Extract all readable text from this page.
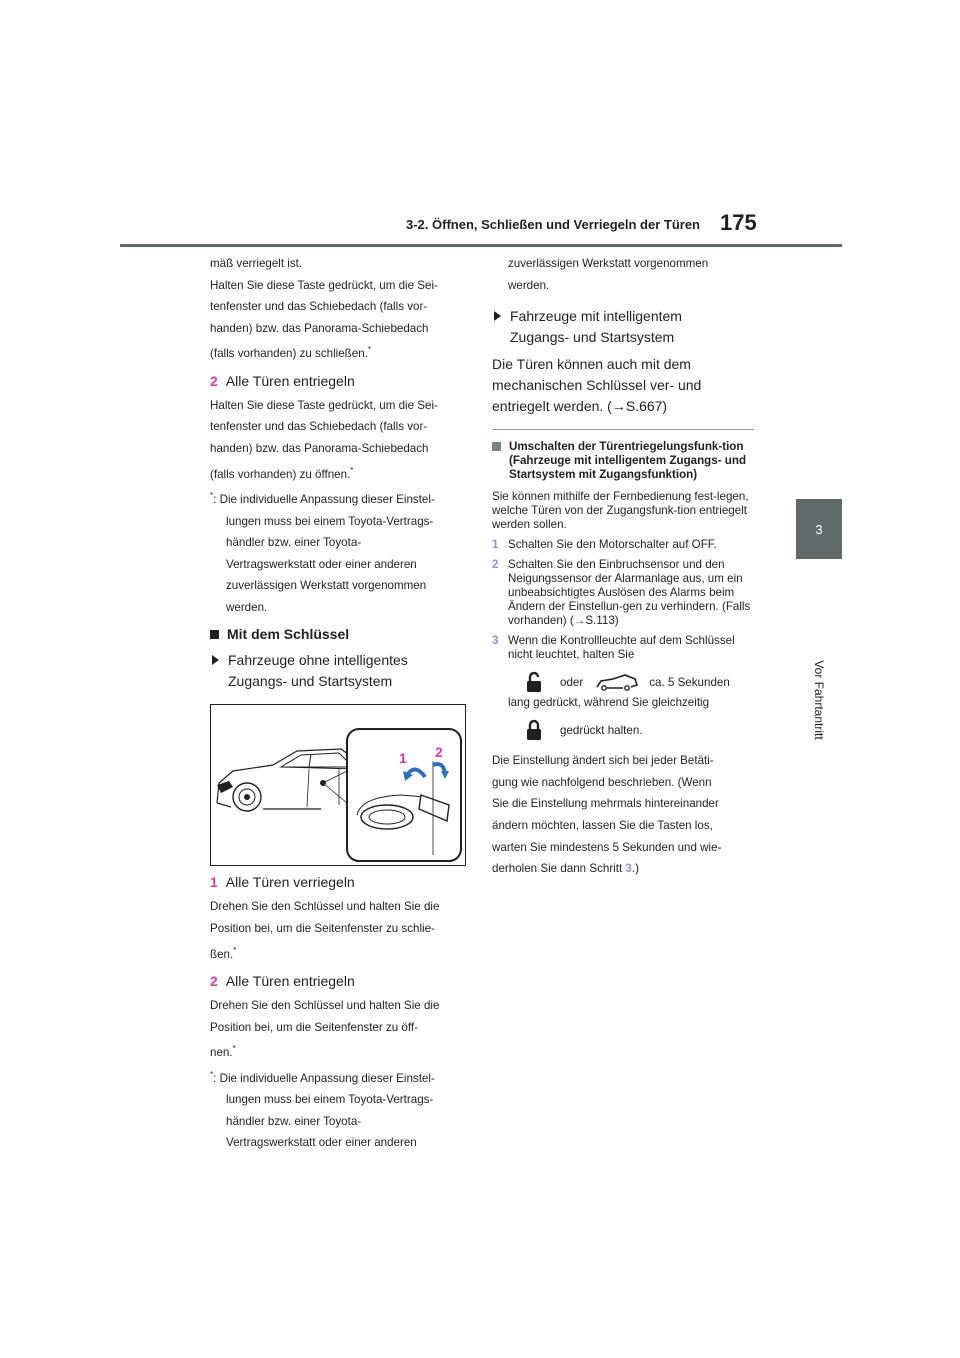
3-2. Öffnen, Schließen und Verriegeln der Türen 175
3
Vor Fahrtantritt

mäß verriegelt ist.

Halten Sie diese Taste gedrückt, um die Sei-
tenfenster und das Schiebedach (falls vor-
handen) bzw. das Panorama-Schiebedach
(falls vorhanden) zu schließen.*

2 Alle Türen entriegeln

Halten Sie diese Taste gedrückt, um die Sei-
tenfenster und das Schiebedach (falls vor-
handen) bzw. das Panorama-Schiebedach
(falls vorhanden) zu öffnen.*

*: Die individuelle Anpassung dieser Einstel-
lungen muss bei einem Toyota-Vertrags-
händler bzw. einer Toyota-
Vertragswerkstatt oder einer anderen
zuverlässigen Werkstatt vorgenommen
werden.
Mit dem Schlüssel
Fahrzeuge ohne intelligentes
Zugangs- und Startsystem
1 2
1 Alle Türen verriegeln

Drehen Sie den Schlüssel und halten Sie die
Position bei, um die Seitenfenster zu schlie-
ßen.*

2 Alle Türen entriegeln

Drehen Sie den Schlüssel und halten Sie die
Position bei, um die Seitenfenster zu öff-
nen.*

*: Die individuelle Anpassung dieser Einstel-
lungen muss bei einem Toyota-Vertrags-
händler bzw. einer Toyota-
Vertragswerkstatt oder einer anderen
zuverlässigen Werkstatt vorgenommen
werden.
Fahrzeuge mit intelligentem
Zugangs- und Startsystem

Die Türen können auch mit dem
mechanischen Schlüssel ver- und
entriegelt werden. (→S.667)

Umschalten der Türentriegelungsfunk-tion (Fahrzeuge mit intelligentem Zugangs- und Startsystem mit Zugangsfunktion)

Sie können mithilfe der Fernbedienung fest-legen, welche Türen von der Zugangsfunk-tion entriegelt werden sollen.

1 Schalten Sie den Motorschalter auf OFF.
2 Schalten Sie den Einbruchsensor und den Neigungssensor der Alarmanlage aus, um ein unbeabsichtigtes Auslösen des Alarms beim Ändern der Einstellun-gen zu verhindern. (Falls vorhanden) (→S.113)
3 Wenn die Kontrollleuchte auf dem Schlüssel nicht leuchtet, halten Sie
oder	ca. 5 Sekunden

lang gedrückt, während Sie gleichzeitig

gedrückt halten.

Die Einstellung ändert sich bei jeder Betäti-
gung wie nachfolgend beschrieben. (Wenn
Sie die Einstellung mehrmals hintereinander
ändern möchten, lassen Sie die Tasten los,
warten Sie mindestens 5 Sekunden und wie-
derholen Sie dann Schritt 3.)
